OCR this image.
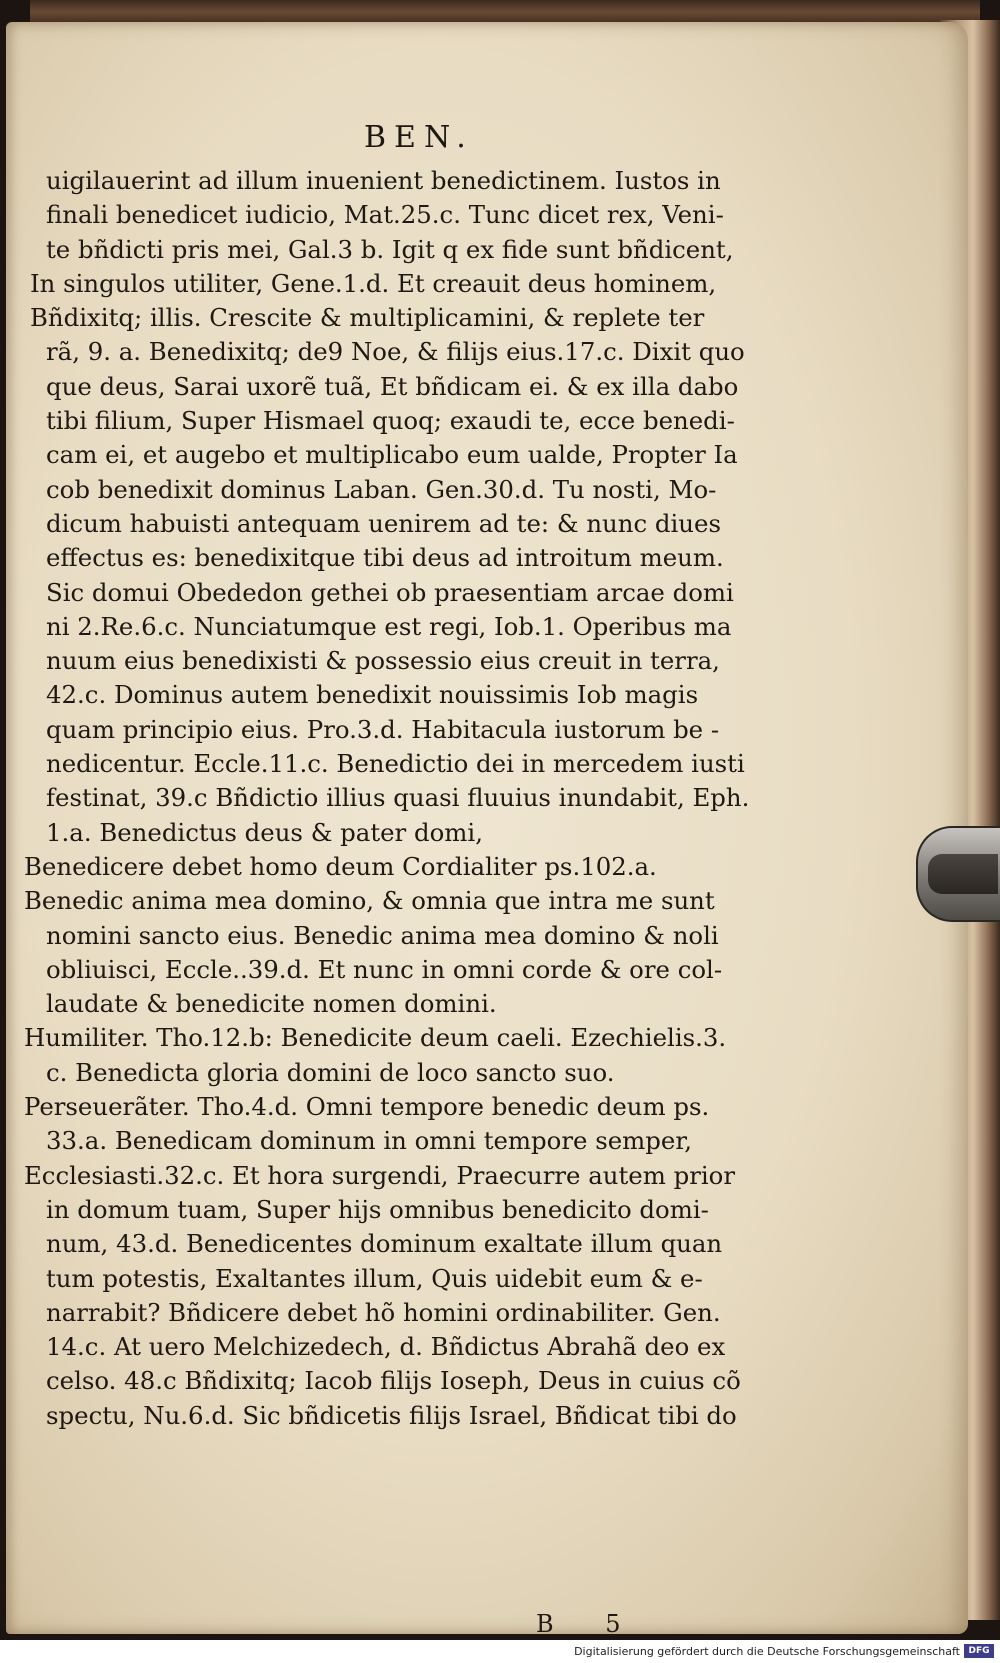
BEN.
uigilauerint ad illum inuenient benedictinem. Iustos in
finali benedicet iudicio, Mat.25.c. Tunc dicet rex, Veni-
te bñdicti pris mei, Gal.3 b. Igit q ex fide sunt bñdicent,
In singulos utiliter, Gene.1.d. Et creauit deus hominem,
Bñdixitq; illis. Crescite & multiplicamini, & replete ter
rã, 9. a. Benedixitq; de9 Noe, & filijs eius.17.c. Dixit quo
que deus, Sarai uxorẽ tuã, Et bñdicam ei. & ex illa dabo
tibi filium, Super Hismael quoq; exaudi te, ecce benedi-
cam ei, et augebo et multiplicabo eum ualde, Propter Ia
cob benedixit dominus Laban. Gen.30.d. Tu nosti, Mo-
dicum habuisti antequam uenirem ad te: & nunc diues
effectus es: benedixitque tibi deus ad introitum meum.
Sic domui Obededon gethei ob praesentiam arcae domi
ni 2.Re.6.c. Nunciatumque est regi, Iob.1. Operibus ma
nuum eius benedixisti & possessio eius creuit in terra,
42.c. Dominus autem benedixit nouissimis Iob magis
quam principio eius. Pro.3.d. Habitacula iustorum be -
nedicentur. Eccle.11.c. Benedictio dei in mercedem iusti
festinat, 39.c Bñdictio illius quasi fluuius inundabit, Eph.
1.a. Benedictus deus & pater domi,
Benedicere debet homo deum Cordialiter ps.102.a.
Benedic anima mea domino, & omnia que intra me sunt
nomini sancto eius. Benedic anima mea domino & noli
obliuisci, Eccle..39.d. Et nunc in omni corde & ore col-
laudate & benedicite nomen domini.
Humiliter. Tho.12.b: Benedicite deum caeli. Ezechielis.3.
c. Benedicta gloria domini de loco sancto suo.
Perseuerãter. Tho.4.d. Omni tempore benedic deum ps.
33.a. Benedicam dominum in omni tempore semper,
Ecclesiasti.32.c. Et hora surgendi, Praecurre autem prior
in domum tuam, Super hijs omnibus benedicito domi-
num, 43.d. Benedicentes dominum exaltate illum quan
tum potestis, Exaltantes illum, Quis uidebit eum & e-
narrabit? Bñdicere debet hõ homini ordinabiliter. Gen.
14.c. At uero Melchizedech, d. Bñdictus Abrahã deo ex
celso. 48.c Bñdixitq; Iacob filijs Ioseph, Deus in cuius cõ
spectu, Nu.6.d. Sic bñdicetis filijs Israel, Bñdicat tibi do
B 5
Digitalisierung gefördert durch die Deutsche Forschungsgemeinschaft DFG
